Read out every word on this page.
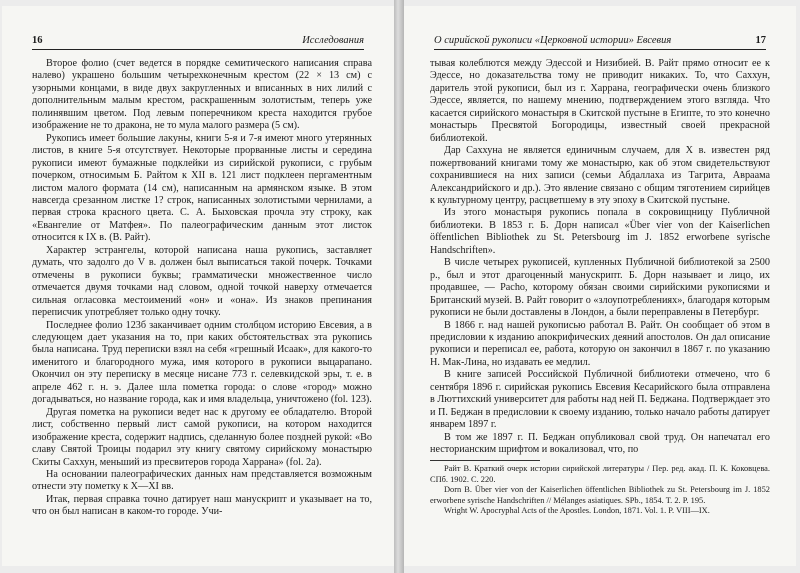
16	Исследования

Второе фолио (счет ведется в порядке семитического написания справа налево) украшено большим четырехконечным крестом (22 × 13 см) с узорными концами, в виде двух закругленных и вписанных в них лилий с дополнительным малым крестом, раскрашенным золотистым, теперь уже полинявшим цветом. Под левым поперечником креста находится грубое изображение не то дракона, не то мула малого размера (5 см).

Рукопись имеет большие лакуны, книги 5-я и 7-я имеют много утерянных листов, в книге 5-я отсутствует. Некоторые прорванные листы и середина рукописи имеют бумажные подклейки из сирийской рукописи, с грубым почерком, относимым Б. Райтом к XII в. 121 лист подклеен пергаментным листом малого формата (14 см), написанным на армянском языке. В этом навсегда срезанном листке 1? строк, написанных золотистыми чернилами, а первая строка красного цвета. С. А. Быховская прочла эту строку, как «Евангелие от Матфея». По палеографическим данным этот листок относится к IX в. (В. Райт).

Характер эстрангелы, которой написана наша рукопись, заставляет думать, что задолго до V в. должен был выписаться такой почерк. Точками отмечены в рукописи буквы; грамматически множественное число отмечается двумя точками над словом, одной точкой наверху отмечается сильная огласовка местоимений «он» и «она». Из знаков препинания переписчик употребляет только одну точку.

Последнее фолио 123б заканчивает одним столбцом историю Евсевия, а в следующем дает указания на то, при каких обстоятельствах эта рукопись была написана. Труд переписки взял на себя «грешный Исаак», для какого-то именитого и благородного мужа, имя которого в рукописи выцарапано. Окончил он эту переписку в месяце нисане 773 г. селевкидской эры, т. е. в апреле 462 г. н. э. Далее шла пометка города: о слове «город» можно догадываться, но название города, как и имя владельца, уничтожено (fol. 123).

Другая пометка на рукописи ведет нас к другому ее обладателю. Второй лист, собственно первый лист самой рукописи, на котором находится изображение креста, содержит надпись, сделанную более поздней рукой: «Во славу Святой Троицы подарил эту книгу святому сирийскому монастырю Скиты Саххун, меньший из пресвитеров города Харрана» (fol. 2а).

На основании палеографических данных нам представляется возможным отнести эту пометку к X—XI вв.

Итак, первая справка точно датирует наш манускрипт и указывает на то, что он был написан в каком-то городе. Учи-

О сирийской рукописи «Церковной истории» Евсевия	17

тывая колеблются между Эдессой и Низибией. В. Райт прямо относит ее к Эдессе, но доказательства тому не приводит никаких. То, что Саххун, даритель этой рукописи, был из г. Харрана, географически очень близкого Эдессе, является, по нашему мнению, подтверждением этого взгляда. Что касается сирийского монастыря в Скитской пустыне в Египте, то это конечно монастырь Пресвятой Богородицы, известный своей прекрасной библиотекой.

Дар Саххуна не является единичным случаем, для X в. известен ряд пожертвований книгами тому же монастырю, как об этом свидетельствуют сохранившиеся на них записи (семьи Абдаллаха из Тагрита, Авраама Александрийского и др.). Это явление связано с общим тяготением сирийцев к культурному центру, расцветшему в эту эпоху в Скитской пустыне.

Из этого монастыря рукопись попала в сокровищницу Публичной библиотеки. В 1853 г. Б. Дорн написал «Über vier von der Kaiserlichen öffentlichen Bibliothek zu St. Petersbourg im J. 1852 erworbene syrische Handschriften».

В числе четырех рукописей, купленных Публичной библиотекой за 2500 р., был и этот драгоценный манускрипт. Б. Дорн называет и лицо, их продавшее, — Pacho, которому обязан своими сирийскими рукописями и Британский музей. В. Райт говорит о «злоупотреблениях», благодаря которым рукописи не были доставлены в Лондон, а были переправлены в Петербург.

В 1866 г. над нашей рукописью работал В. Райт. Он сообщает об этом в предисловии к изданию апокрифических деяний апостолов. Он дал описание рукописи и переписал ее, работа, которую он закончил в 1867 г. по указанию Н. Мак-Лина, но издавать ее медлил.

В книге записей Российской Публичной библиотеки отмечено, что 6 сентября 1896 г. сирийская рукопись Евсевия Кесарийского была отправлена в Люттихский университет для работы над ней П. Беджана. Подтверждает это и П. Беджан в предисловии к своему изданию, только начало работы датирует январем 1897 г.

В том же 1897 г. П. Беджан опубликовал свой труд. Он напечатал его несторианским шрифтом и вокализовал, что, по

Райт В. Краткий очерк истории сирийской литературы / Пер. ред. акад. П. К. Коковцева. СПб. 1902. С. 220.

Dorn B. Über vier von der Kaiserlichen öffentlichen Bibliothek zu St. Petersbourg im J. 1852 erworbene syrische Handschriften // Mélanges asiatiques. SPb., 1854. T. 2. P. 195.

Wright W. Apocryphal Acts of the Apostles. London, 1871. Vol. 1. P. VIII—IX.
